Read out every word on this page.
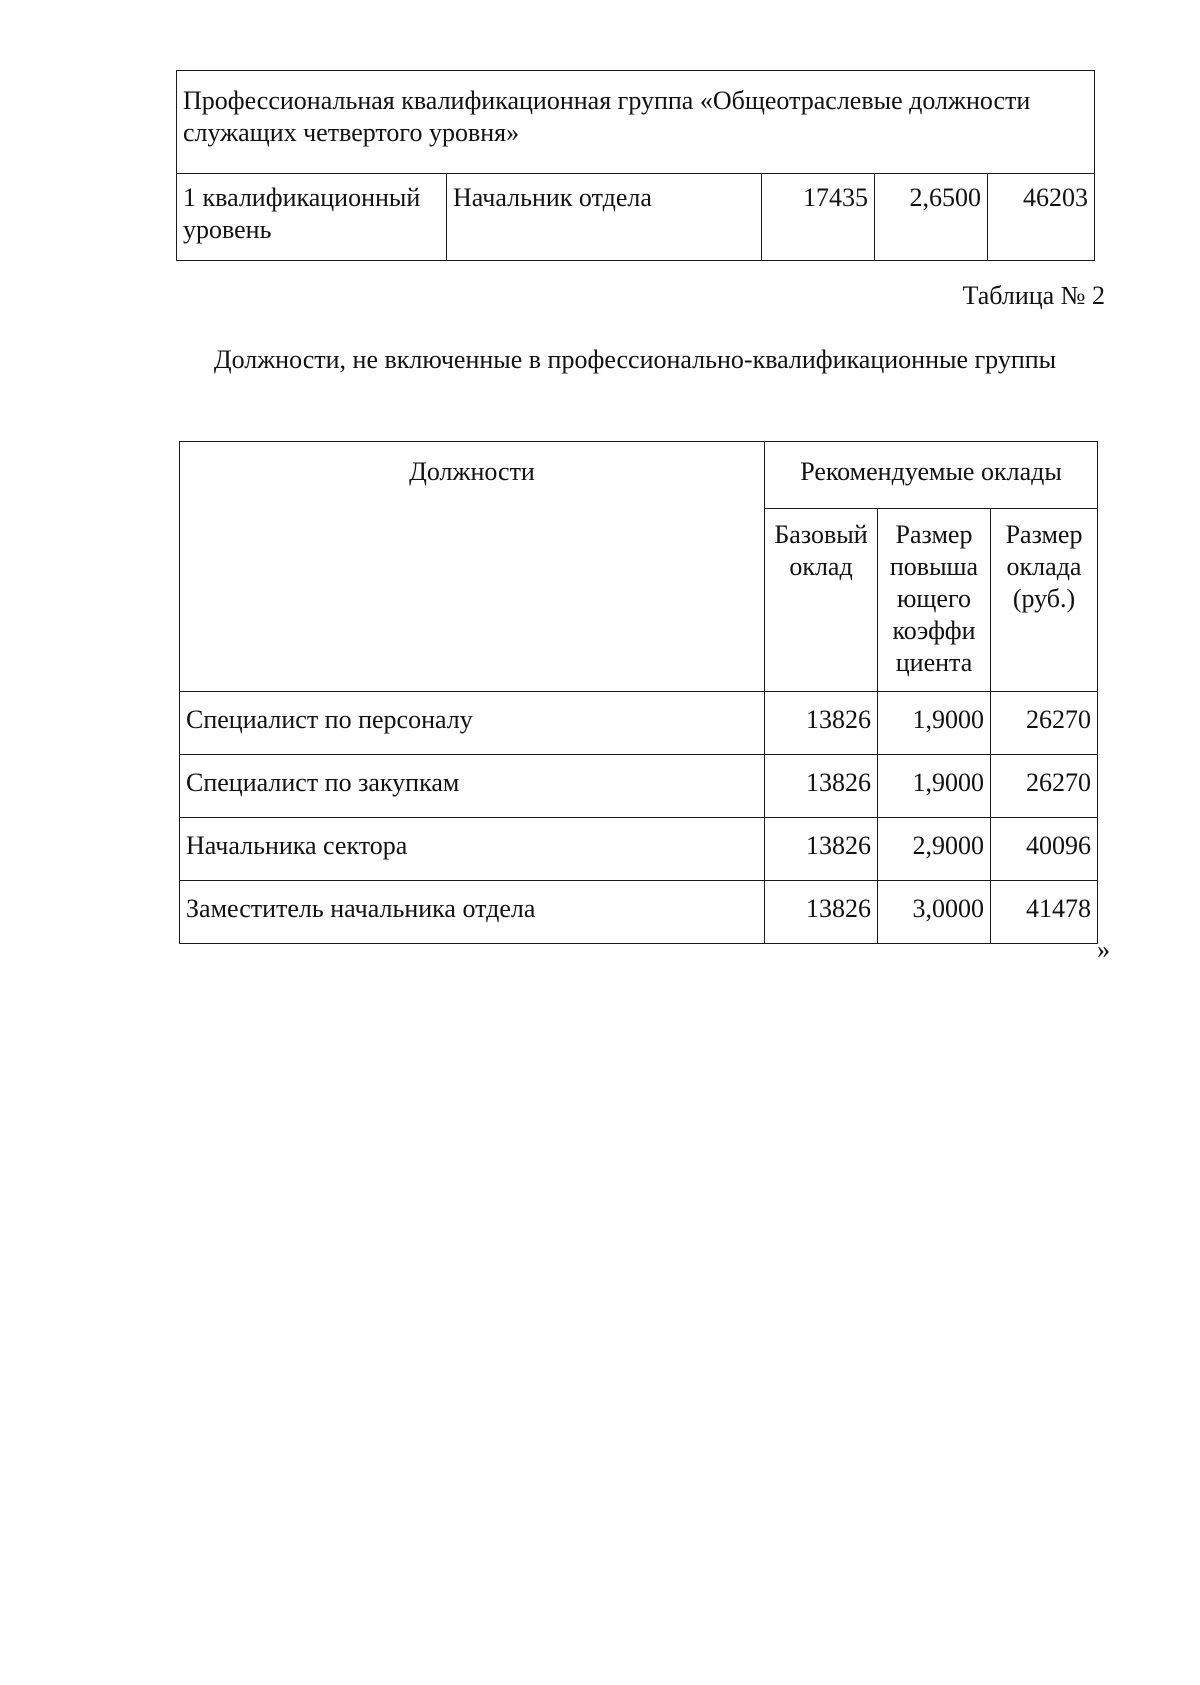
Профессиональная квалификационная группа «Общеотраслевые должности служащих четвертого уровня»
1 квалификационный уровень	Начальник отдела	17435	2,6500	46203
Таблица № 2
Должности, не включенные в профессионально-квалификационные группы
Должности	Рекомендуемые оклады		
	Базовый оклад	Размер повыша ющего коэффи циента	Размер оклада (руб.)
Специалист по персоналу	13826	1,9000	26270
Специалист по закупкам	13826	1,9000	26270
Начальника сектора	13826	2,9000	40096
Заместитель начальника отдела	13826	3,0000	41478
»
